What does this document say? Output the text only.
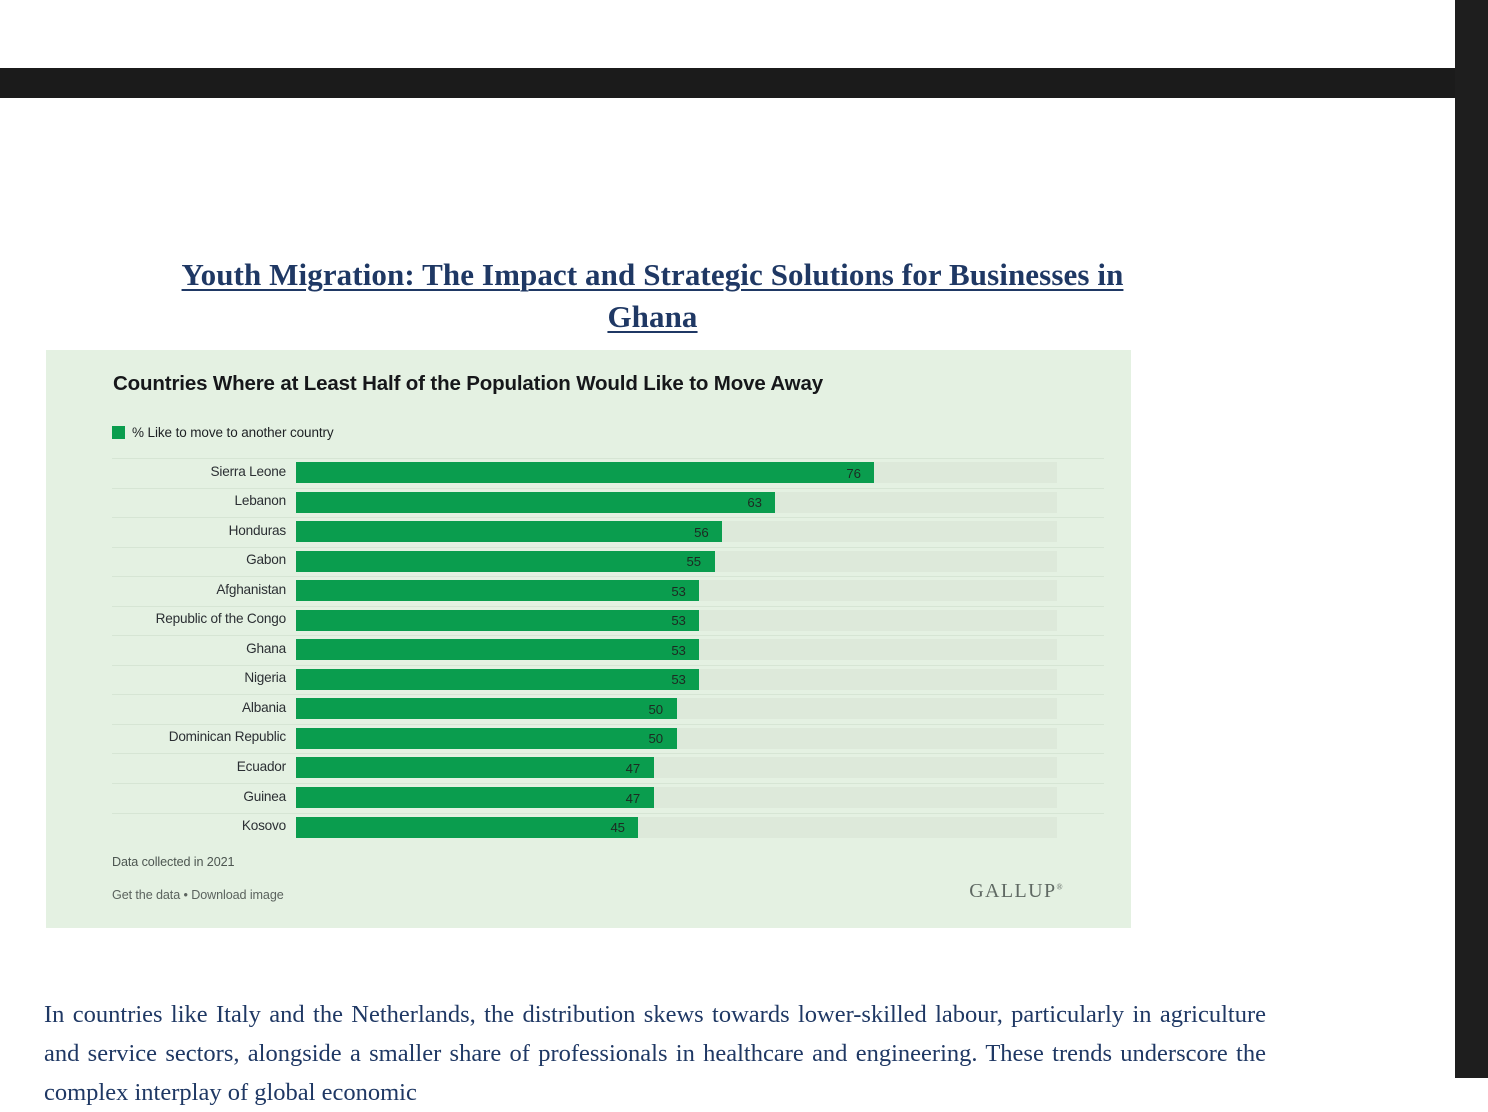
Youth Migration: The Impact and Strategic Solutions for Businesses in
Ghana
Countries Where at Least Half of the Population Would Like to Move Away
% Like to move to another country
Sierra Leone	76
Lebanon	63
Honduras	56
Gabon	55
Afghanistan	53
Republic of the Congo	53
Ghana	53
Nigeria	53
Albania	50
Dominican Republic	50
Ecuador	47
Guinea	47
Kosovo	45
Data collected in 2021
Get the data • Download image	GALLUP®

In countries like Italy and the Netherlands, the distribution skews towards lower-skilled labour, particularly in agriculture and service sectors, alongside a smaller share of professionals in healthcare and engineering. These trends underscore the complex interplay of global economic
